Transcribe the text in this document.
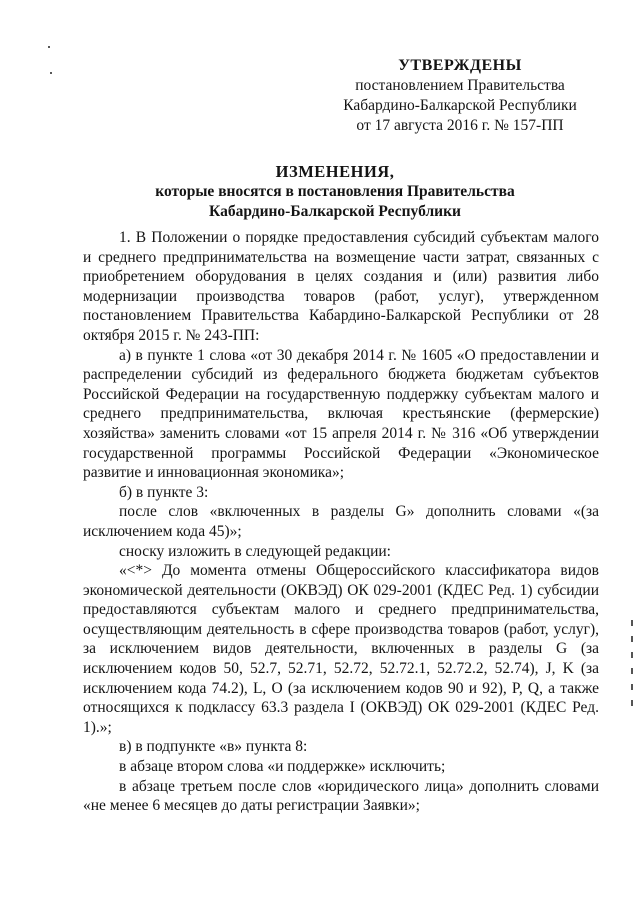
УТВЕРЖДЕНЫ
постановлением Правительства
Кабардино-Балкарской Республики
от 17 августа 2016 г. № 157-ПП
ИЗМЕНЕНИЯ,
которые вносятся в постановления Правительства
Кабардино-Балкарской Республики

1. В Положении о порядке предоставления субсидий субъектам малого и среднего предпринимательства на возмещение части затрат, связанных с приобретением оборудования в целях создания и (или) развития либо модернизации производства товаров (работ, услуг), утвержденном постановлением Правительства Кабардино-Балкарской Республики от 28 октября 2015 г. № 243-ПП:

а) в пункте 1 слова «от 30 декабря 2014 г. № 1605 «О предоставлении и распределении субсидий из федерального бюджета бюджетам субъектов Российской Федерации на государственную поддержку субъектам малого и среднего предпринимательства, включая крестьянские (фермерские) хозяйства» заменить словами «от 15 апреля 2014 г. № 316 «Об утверждении государственной программы Российской Федерации «Экономическое развитие и инновационная экономика»;

б) в пункте 3:

после слов «включенных в разделы G» дополнить словами «(за исключением кода 45)»;

сноску изложить в следующей редакции:

«<*> До момента отмены Общероссийского классификатора видов экономической деятельности (ОКВЭД) ОК 029-2001 (КДЕС Ред. 1) субсидии предоставляются субъектам малого и среднего предпринимательства, осуществляющим деятельность в сфере производства товаров (работ, услуг), за исключением видов деятельности, включенных в разделы G (за исключением кодов 50, 52.7, 52.71, 52.72, 52.72.1, 52.72.2, 52.74), J, K (за исключением кода 74.2), L, O (за исключением кодов 90 и 92), P, Q, а также относящихся к подклассу 63.3 раздела I (ОКВЭД) ОК 029-2001 (КДЕС Ред. 1).»;

в) в подпункте «в» пункта 8:

в абзаце втором слова «и поддержке» исключить;

в абзаце третьем после слов «юридического лица» дополнить словами «не менее 6 месяцев до даты регистрации Заявки»;
